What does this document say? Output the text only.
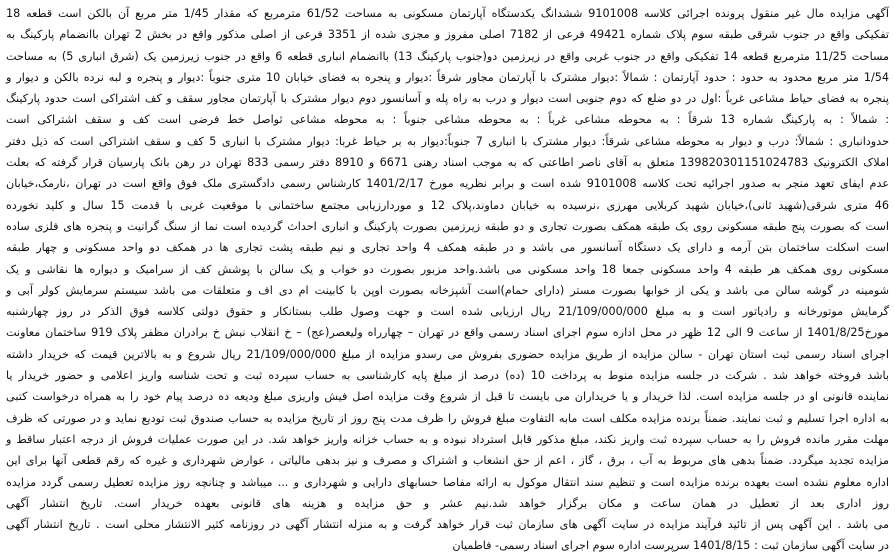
آگهی مزایده مال غیر منقول پرونده اجرائی کلاسه 9101008 ششدانگ یکدستگاه آپارتمان مسکونی به مساحت 61/52 مترمربع که مقدار 1/45 متر مربع آن بالکن است قطعه 18
تفکیکی واقع در جنوب شرقی طبقه سوم پلاک شماره 49421 فرعی از 7182 اصلی مفروز و مجزی شده از 3351 فرعی از اصلی مذکور واقع در بخش 2 تهران باانضمام پارکینگ به
مساحت 11/25 مترمربع قطعه 14 تفکیکی واقع در جنوب غربی واقع در زیرزمین دو(جنوب پارکینگ 13) باانضمام انباری قطعه 6 واقع در جنوب زیرزمین یک (شرق انباری 5) به مساحت
1/54 متر مربع محدود به حدود : حدود آپارتمان : شمالاً :دیوار مشترک با آپارتمان مجاور شرقاً :دیوار و پنجره به فضای خیابان 10 متری جنوباً :دیوار و پنجره و لبه نرده بالکن و دیوار و
پنجره به فضای حیاط مشاعی غرباً :اول در دو ضلع که دوم جنوبی است دیوار و درب به راه پله و آسانسور دوم دیوار مشترک با آپارتمان مجاور سقف و کف اشتراکی است حدود پارکینگ
: شمالاً : به پارکینگ شماره 13 شرقاً : به محوطه مشاعی غرباً : به محوطه مشاعی جنوباً : به محوطه مشاعی ثواصل خط فرضی است کف و سقف اشتراکی است
حدودانباری : شمالاً: درب و دیوار به محوطه مشاعی شرقاً: دیوار مشترک با انباری 7 جنوباً:دیوار به بر حیاط غربا: دیوار مشترک با انباری 5 کف و سقف اشتراکی است که ذیل دفتر
املاک الکترونیک 139820301151024783 متعلق به آقای ناصر اطاعتی که به موجب اسناد رهنی 6671 و 8910 دفتر رسمی 833 تهران در رهن بانک پارسیان قرار گرفته که بعلت
عدم ایفای تعهد منجر به صدور اجرائیه تحت کلاسه 9101008 شده است و برابر نظریه مورخ 1401/2/17 کارشناس رسمی دادگستری ملک فوق واقع است در تهران ،نارمک،خیابان
46 متری شرقی(شهید ثانی)،خیابان شهید کربلایی مهرزی ،نرسیده به خیابان دماوند،پلاک 12 و موردارزیابی مجتمع ساختمانی با موقعیت غربی با قدمت 15 سال و کلید نخورده
است که بصورت پنج طبقه مسکونی روی یک طبقه همکف بصورت تجاری و دو طبقه زیرزمین بصورت پارکینگ و انباری احداث گردیده است نما از سنگ گرانیت و پنجره های فلزی ساده
است اسکلت ساختمان بتن آرمه و دارای یک دستگاه آسانسور می باشد و در طبقه همکف 4 واحد تجاری و نیم طبقه پشت تجاری ها در همکف دو واحد مسکونی و چهار طبقه
مسکونی روی همکف هر طبقه 4 واحد مسکونی جمعا 18 واحد مسکونی می باشد.واحد مزبور بصورت دو خواب و یک سالن با پوشش کف از سرامیک و دیواره ها نقاشی و یک
شومینه در گوشه سالن می باشد و یکی از خوابها بصورت مستر (دارای حمام)است آشپزخانه بصورت اوپن با کابینت ام دی اف و متعلقات می باشد سیستم سرمایش کولر آبی و
گرمایش موتورخانه و رادیاتور است و به مبلغ 21/109/000/000 ریال ارزیابی شده است و جهت وصول طلب بستانکار و حقوق دولتی کلاسه فوق الذکر در روز چهارشنبه
مورخ1401/8/25 از ساعت 9 الی 12 ظهر در محل اداره سوم اجرای اسناد رسمی واقع در تهران – چهارراه ولیعصر(عج) – خ انقلاب نبش خ برادران مظفر پلاک 919 ساختمان معاونت
اجرای اسناد رسمی ثبت استان تهران - سالن مزایده از طریق مزایده حضوری بفروش می رسدو مزایده از مبلغ 21/109/000/000 ریال شروع و به بالاترین قیمت که خریدار داشته
باشد فروخته خواهد شد . شرکت در جلسه مزایده منوط به پرداخت 10 (ده) درصد از مبلغ پایه کارشناسی به حساب سپرده ثبت و تحت شناسه واریز اعلامی و حضور خریدار یا
نماینده قانونی او در جلسه مزایده است. لذا خریدار و یا خریداران می بایست تا قبل از شروع وقت مزایده اصل فیش واریزی مبلغ ودیعه ده درصد پیام خود را به همراه درخواست کتبی
به اداره اجرا تسلیم و ثبت نمایند. ضمناً برنده مزایده مکلف است مابه التفاوت مبلغ فروش را ظرف مدت پنج روز از تاریخ مزایده به حساب صندوق ثبت تودیع نماید و در صورتی که ظرف
مهلت مقرر مانده فروش را به حساب سپرده ثبت واریز نکند، مبلغ مذکور قابل استرداد نبوده و به حساب خزانه واریز خواهد شد. در این صورت عملیات فروش از درجه اعتبار ساقط و
مزایده تجدید میگردد. ضمناً بدهی های مربوط به آب ، برق ، گاز ، اعم از حق انشعاب و اشتراک و مصرف و نیز بدهی مالیاتی ، عوارض شهرداری و غیره که رقم قطعی آنها برای این
اداره معلوم نشده است بعهده برنده مزایده است و تنظیم سند انتقال موکول به ارائه مفاصا حسابهای دارایی و شهرداری و ... میباشد و چنانچه روز مزایده تعطیل رسمی گردد مزایده
روز اداری بعد از تعطیل در همان ساعت و مکان برگزار خواهد شد.نیم عشر و حق مزایده و هزینه های قانونی بعهده خریدار است. تاریخ انتشار آگهی
می باشد . این آگهی پس از تائید فرآیند مزایده در سایت آگهی های سازمان ثبت قرار خواهد گرفت و به منزله انتشار آگهی در روزنامه کثیر الانتشار محلی است . تاریخ انتشار آگهی
در سایت آگهی سازمان ثبت : 1401/8/15 سرپرست اداره سوم اجرای اسناد رسمی- فاطمیان
